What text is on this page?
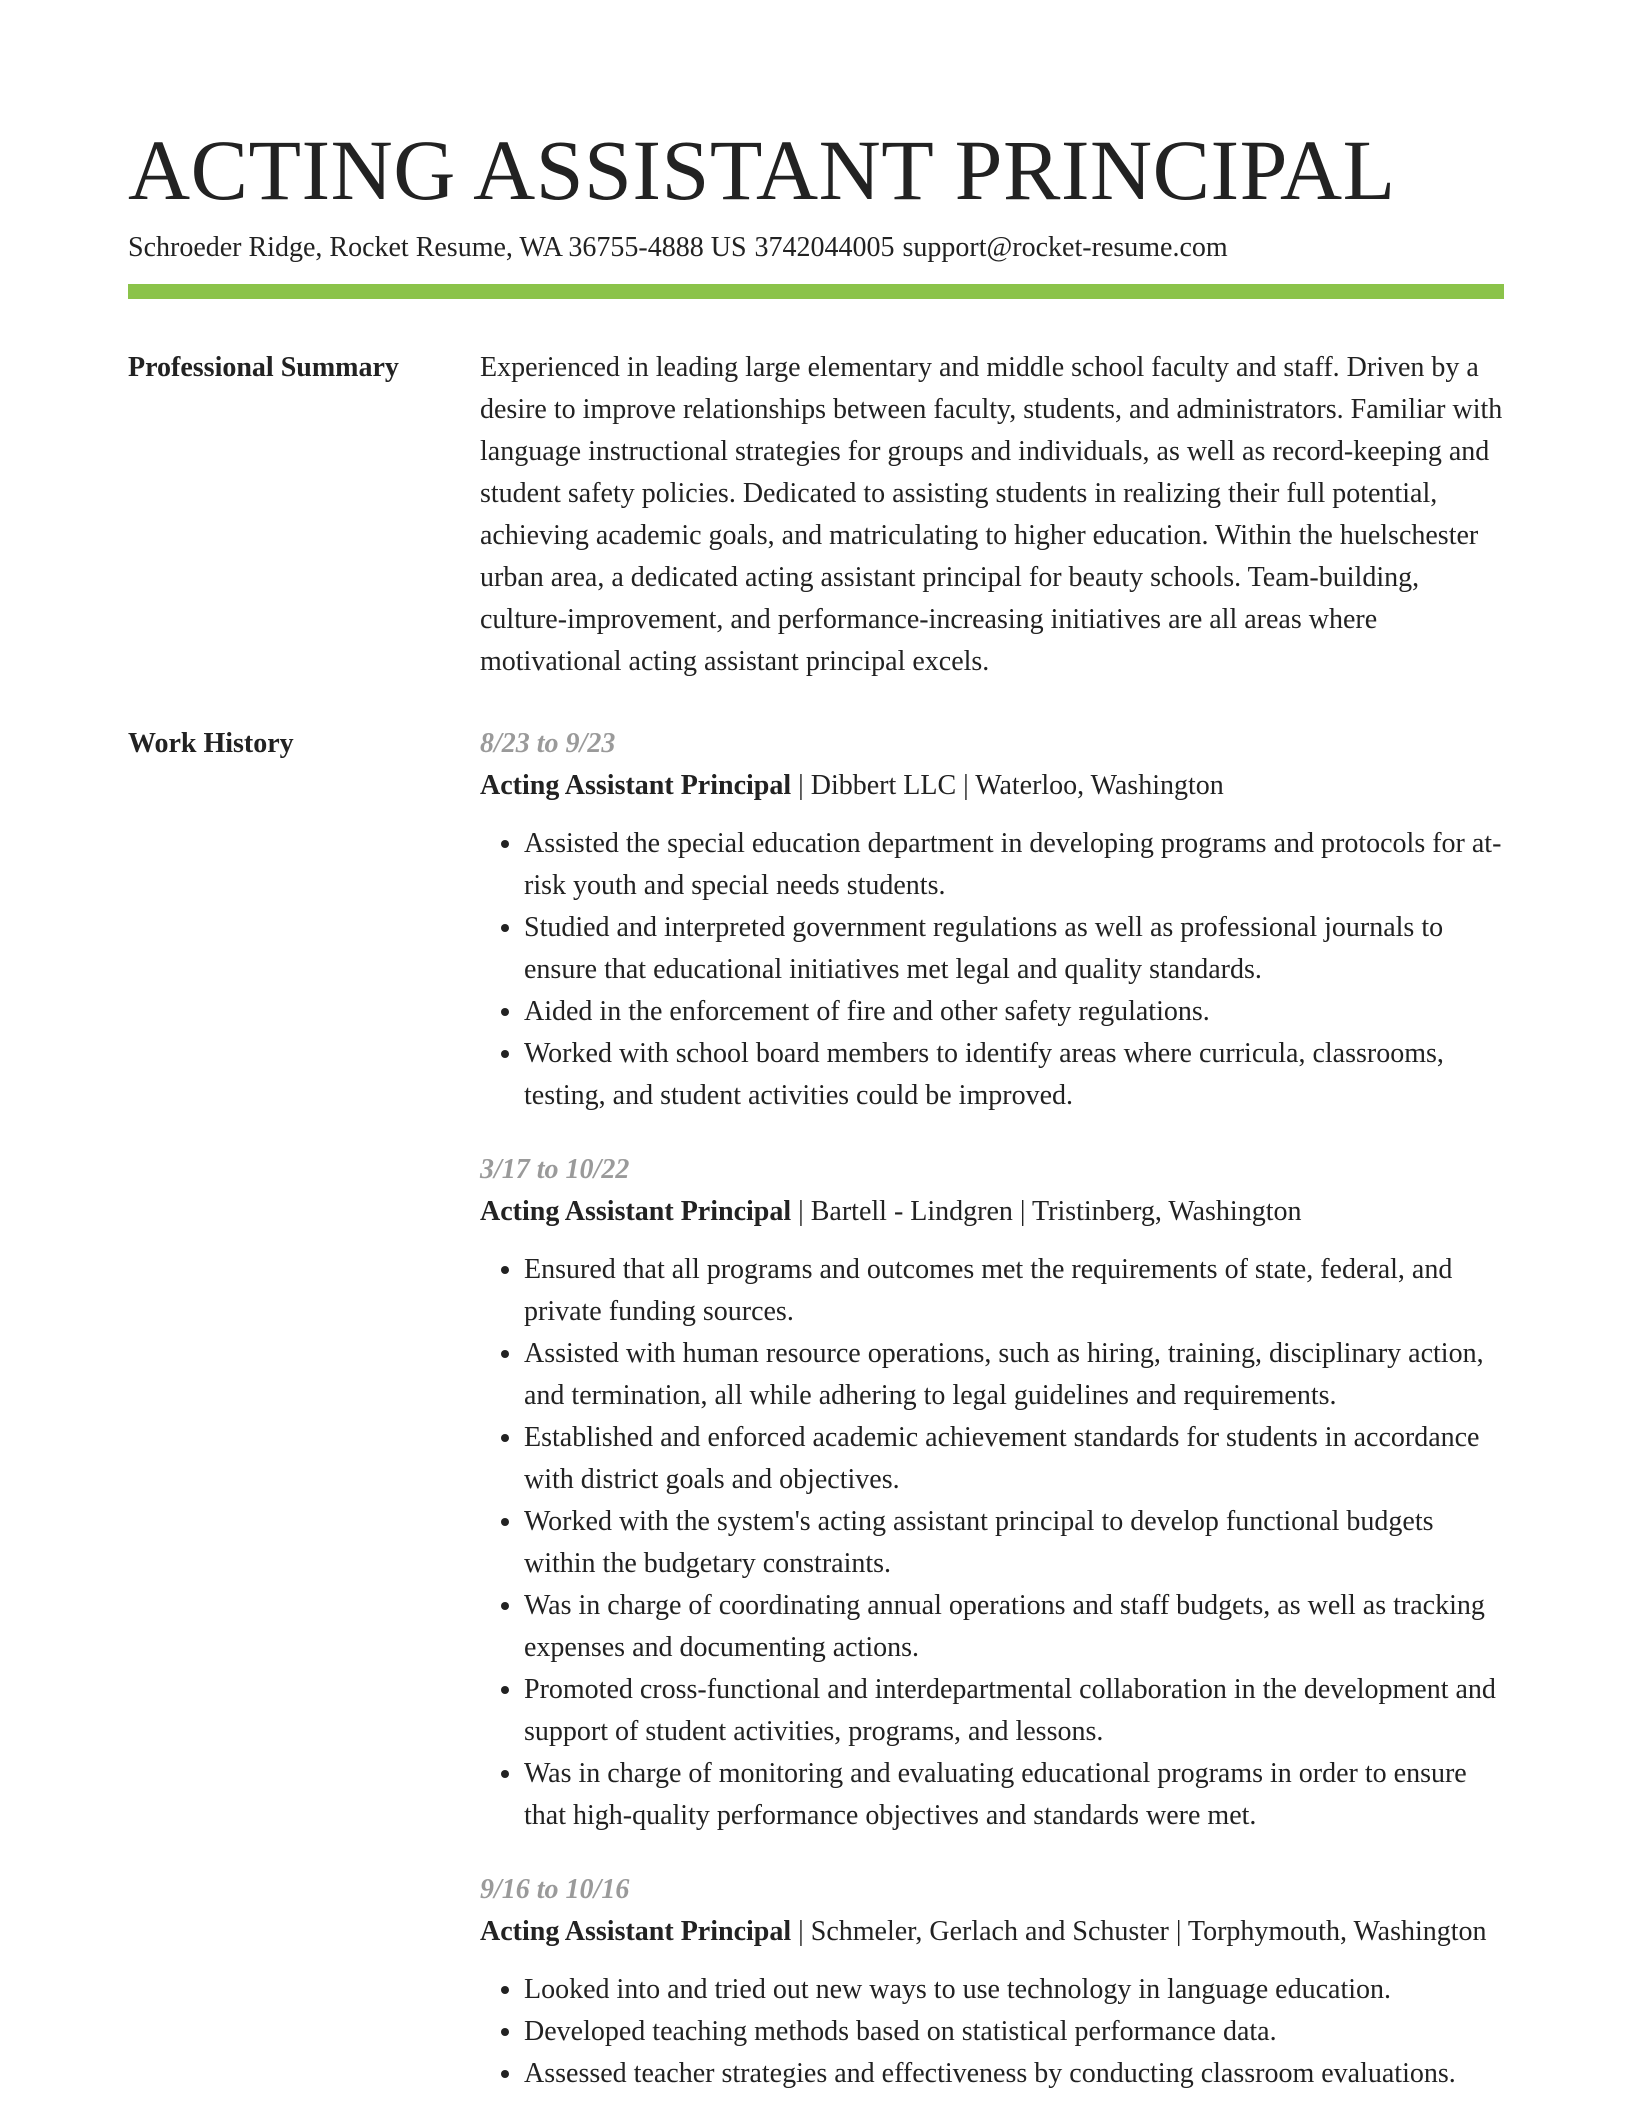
ACTING ASSISTANT PRINCIPAL
Schroeder Ridge, Rocket Resume, WA 36755-4888 US 3742044005 support@rocket-resume.com
Professional Summary	Experienced in leading large elementary and middle school faculty and staff. Driven by a desire to improve relationships between faculty, students, and administrators. Familiar with language instructional strategies for groups and individuals, as well as record-keeping and student safety policies. Dedicated to assisting students in realizing their full potential, achieving academic goals, and matriculating to higher education. Within the huelschester urban area, a dedicated acting assistant principal for beauty schools. Team-building, culture-improvement, and performance-increasing initiatives are all areas where motivational acting assistant principal excels.

Work History	8/23 to 9/23
Acting Assistant Principal | Dibbert LLC | Waterloo, Washington
• Assisted the special education department in developing programs and protocols for at-risk youth and special needs students.
• Studied and interpreted government regulations as well as professional journals to ensure that educational initiatives met legal and quality standards.
• Aided in the enforcement of fire and other safety regulations.
• Worked with school board members to identify areas where curricula, classrooms, testing, and student activities could be improved.
3/17 to 10/22
Acting Assistant Principal | Bartell - Lindgren | Tristinberg, Washington
• Ensured that all programs and outcomes met the requirements of state, federal, and private funding sources.
• Assisted with human resource operations, such as hiring, training, disciplinary action, and termination, all while adhering to legal guidelines and requirements.
• Established and enforced academic achievement standards for students in accordance with district goals and objectives.
• Worked with the system's acting assistant principal to develop functional budgets within the budgetary constraints.
• Was in charge of coordinating annual operations and staff budgets, as well as tracking expenses and documenting actions.
• Promoted cross-functional and interdepartmental collaboration in the development and support of student activities, programs, and lessons.
• Was in charge of monitoring and evaluating educational programs in order to ensure that high-quality performance objectives and standards were met.
9/16 to 10/16
Acting Assistant Principal | Schmeler, Gerlach and Schuster | Torphymouth, Washington
• Looked into and tried out new ways to use technology in language education.
• Developed teaching methods based on statistical performance data.
• Assessed teacher strategies and effectiveness by conducting classroom evaluations.
